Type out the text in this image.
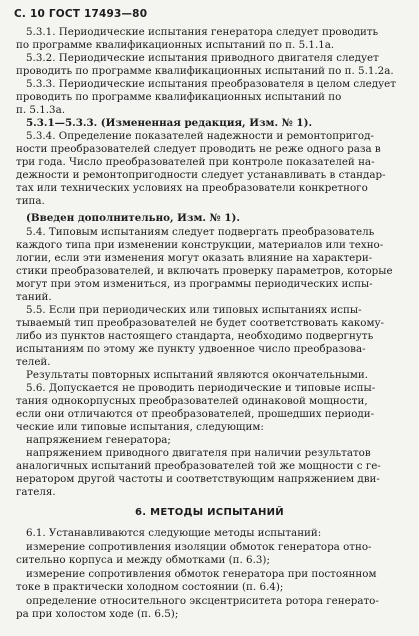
С. 10 ГОСТ 17493—80
5.3.1. Периодические испытания генератора следует проводить
по программе квалификационных испытаний по п. 5.1.1а.
5.3.2. Периодические испытания приводного двигателя следует
проводить по программе квалификационных испытаний по п. 5.1.2а.
5.3.3. Периодические испытания преобразователя в целом следует
проводить по программе квалификационных испытаний по
п. 5.1.3а.
5.3.1—5.3.3. (Измененная редакция, Изм. № 1).
5.3.4. Определение показателей надежности и ремонтопригод-
ности преобразователей следует проводить не реже одного раза в
три года. Число преобразователей при контроле показателей на-
дежности и ремонтопригодности следует устанавливать в стандар-
тах или технических условиях на преобразователи конкретного
типа.
(Введен дополнительно, Изм. № 1).
5.4. Типовым испытаниям следует подвергать преобразователь
каждого типа при изменении конструкции, материалов или техно-
логии, если эти изменения могут оказать влияние на характери-
стики преобразователей, и включать проверку параметров, которые
могут при этом измениться, из программы периодических испы-
таний.
5.5. Если при периодических или типовых испытаниях испы-
тываемый тип преобразователей не будет соответствовать какому-
либо из пунктов настоящего стандарта, необходимо подвергнуть
испытаниям по этому же пункту удвоенное число преобразова-
телей.
Результаты повторных испытаний являются окончательными.
5.6. Допускается не проводить периодические и типовые испы-
тания однокорпусных преобразователей одинаковой мощности,
если они отличаются от преобразователей, прошедших периоди-
ческие или типовые испытания, следующим:
напряжением генератора;
напряжением приводного двигателя при наличии результатов
аналогичных испытаний преобразователей той же мощности с ге-
нератором другой частоты и соответствующим напряжением дви-
гателя.
6. МЕТОДЫ ИСПЫТАНИЙ
6.1. Устанавливаются следующие методы испытаний:
измерение сопротивления изоляции обмоток генератора отно-
сительно корпуса и между обмотками (п. 6.3);
измерение сопротивления обмоток генератора при постоянном
токе в практически холодном состоянии (п. 6.4);
определение относительного эксцентриситета ротора генерато-
ра при холостом ходе (п. 6.5);
